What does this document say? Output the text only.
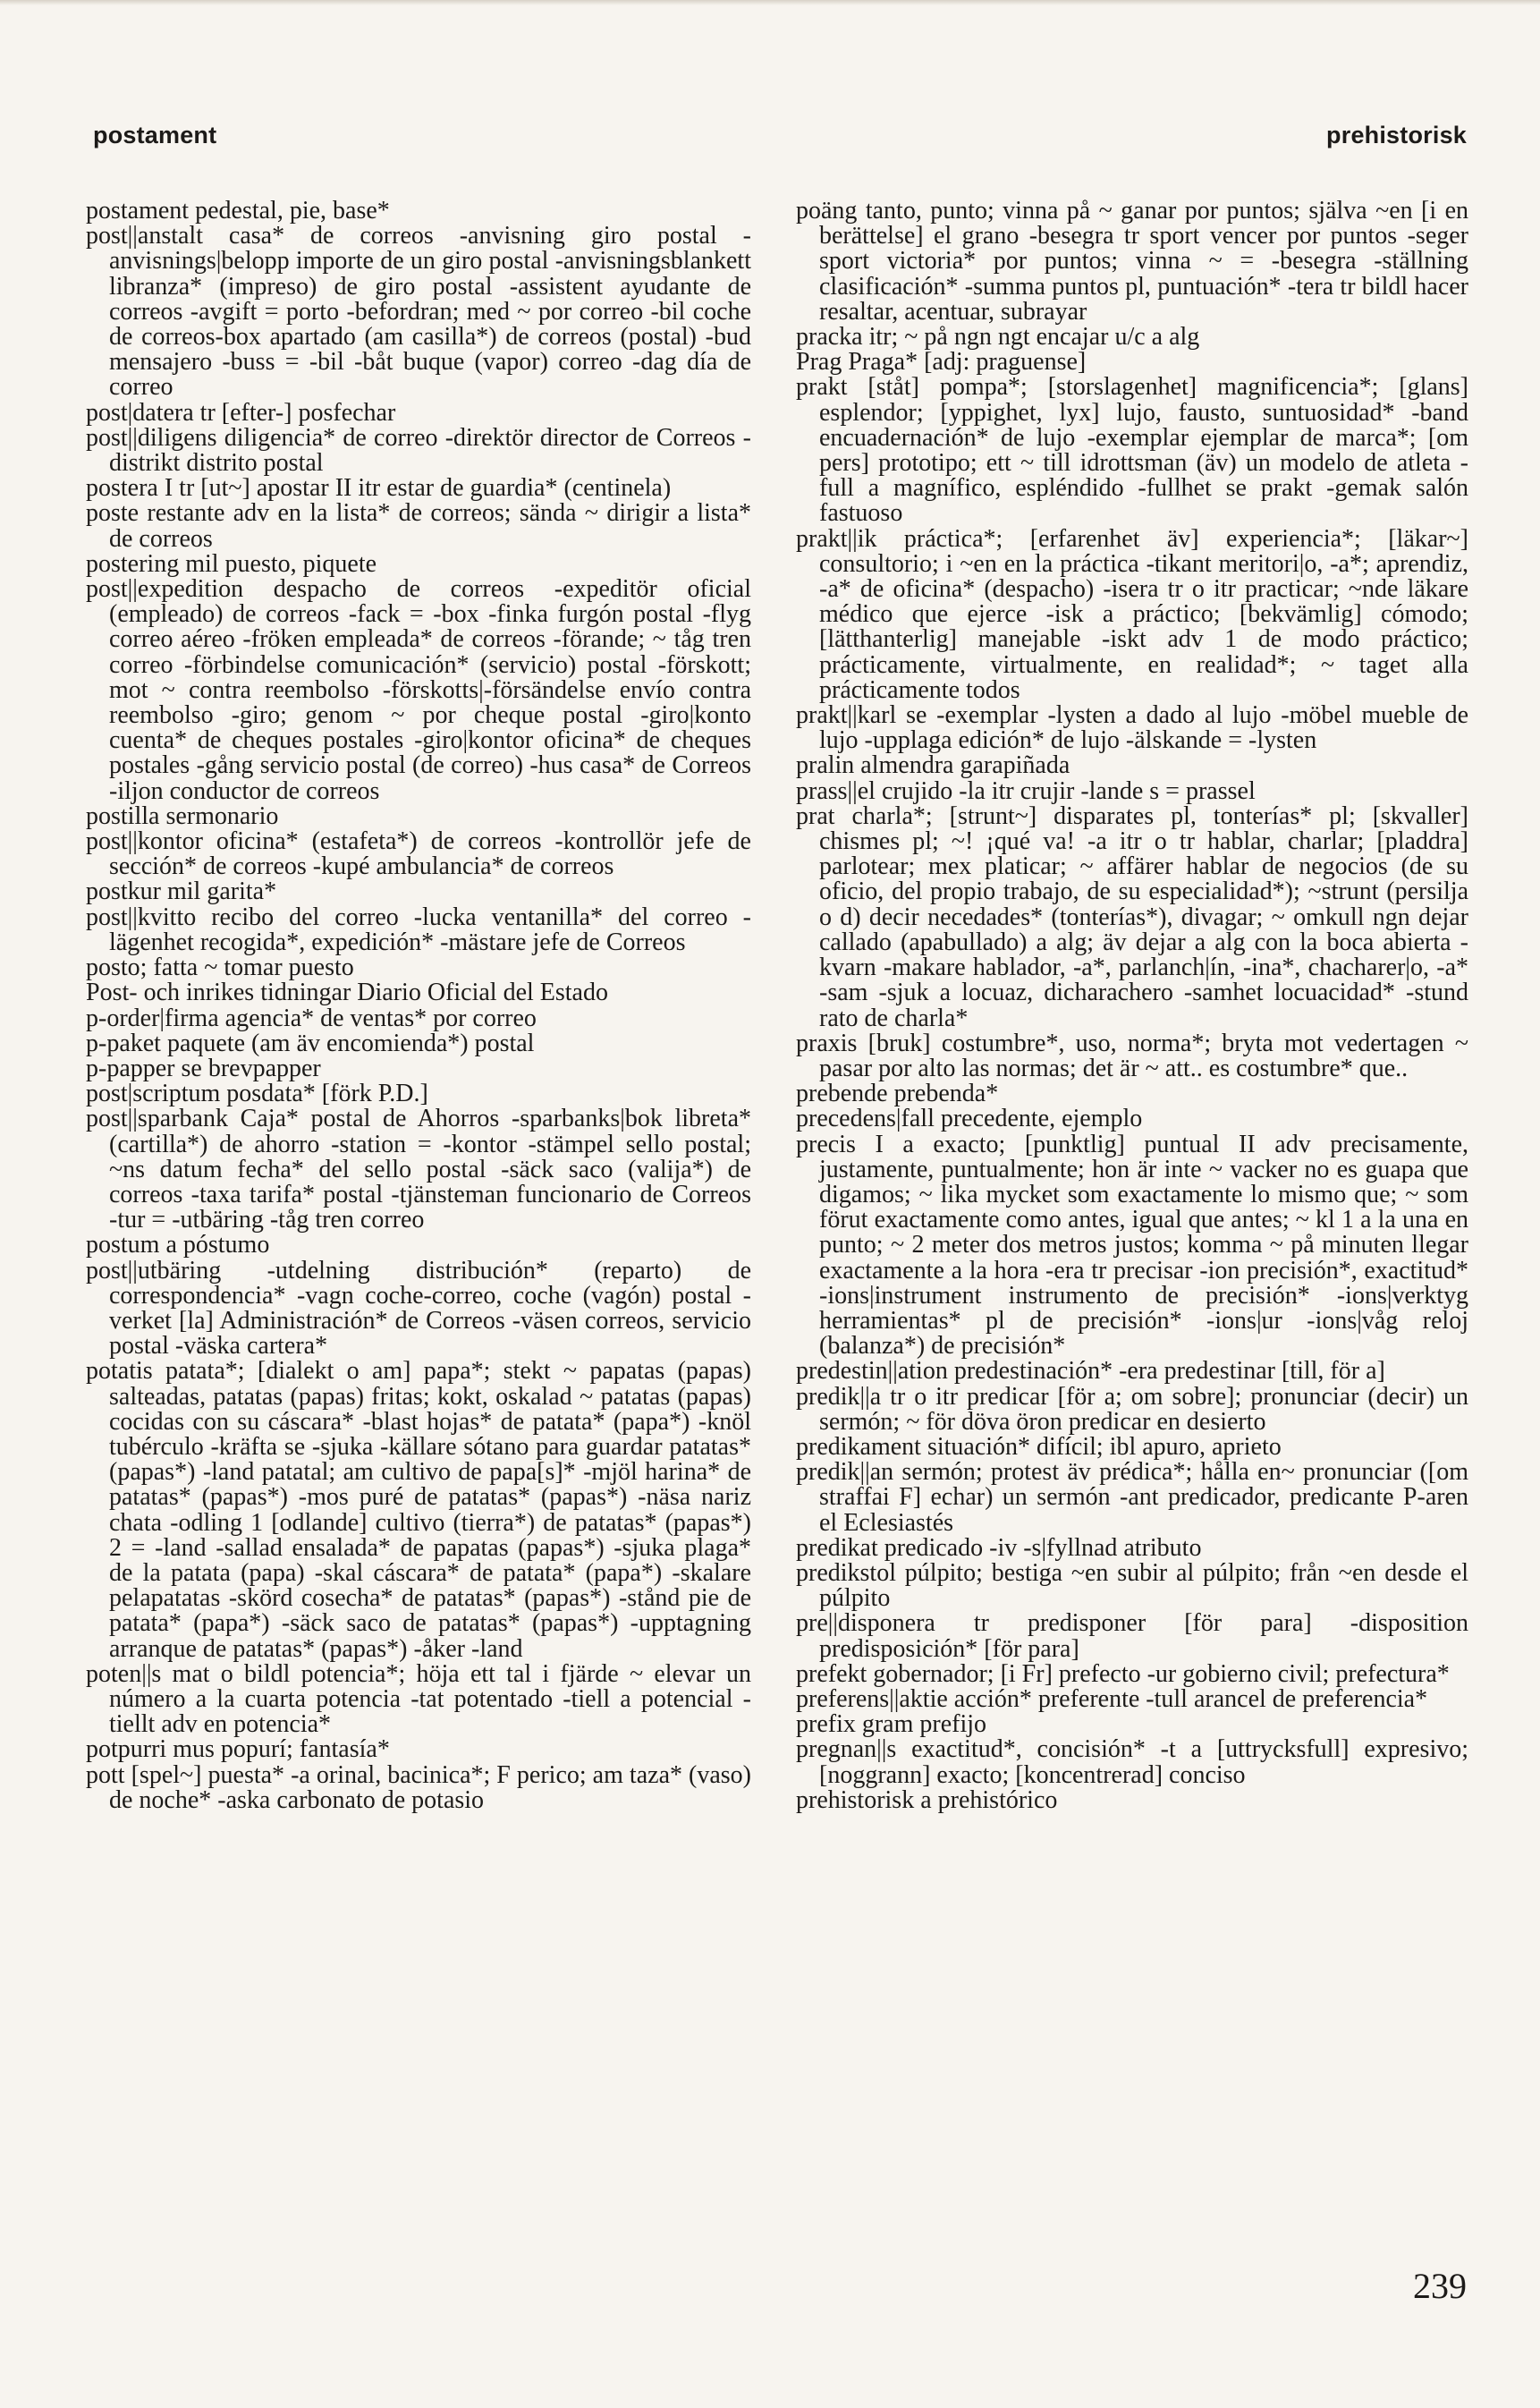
postament	prehistorisk

postament pedestal, pie, base*

post||anstalt casa* de correos -anvisning giro postal -anvisnings|belopp importe de un giro postal -anvisningsblankett libranza* (impreso) de giro postal -assistent ayudante de correos -avgift = porto -befordran; med ~ por correo -bil coche de correos-box apartado (am casilla*) de correos (postal) -bud mensajero -buss = -bil -båt buque (vapor) correo -dag día de correo

post|datera tr [efter-] posfechar

post||diligens diligencia* de correo -direktör director de Correos -distrikt distrito postal

postera I tr [ut~] apostar II itr estar de guardia* (centinela)

poste restante adv en la lista* de correos; sända ~ dirigir a lista* de correos

postering mil puesto, piquete

post||expedition despacho de correos -expeditör oficial (empleado) de correos -fack = -box -finka furgón postal -flyg correo aéreo -fröken empleada* de correos -förande; ~ tåg tren correo -förbindelse comunicación* (servicio) postal -förskott; mot ~ contra reembolso -förskotts|-försändelse envío contra reembolso -giro; genom ~ por cheque postal -giro|konto cuenta* de cheques postales -giro|kontor oficina* de cheques postales -gång servicio postal (de correo) -hus casa* de Correos -iljon conductor de correos

postilla sermonario

post||kontor oficina* (estafeta*) de correos -kontrollör jefe de sección* de correos -kupé ambulancia* de correos

postkur mil garita*

post||kvitto recibo del correo -lucka ventanilla* del correo -lägenhet recogida*, expedición* -mästare jefe de Correos

posto; fatta ~ tomar puesto

Post- och inrikes tidningar Diario Oficial del Estado

p-order|firma agencia* de ventas* por correo

p-paket paquete (am äv encomienda*) postal

p-papper se brevpapper

post|scriptum posdata* [förk P.D.]

post||sparbank Caja* postal de Ahorros -sparbanks|bok libreta* (cartilla*) de ahorro -station = -kontor -stämpel sello postal; ~ns datum fecha* del sello postal -säck saco (valija*) de correos -taxa tarifa* postal -tjänsteman funcionario de Correos -tur = -utbäring -tåg tren correo

postum a póstumo

post||utbäring -utdelning distribución* (reparto) de correspondencia* -vagn coche-correo, coche (vagón) postal -verket [la] Administración* de Correos -väsen correos, servicio postal -väska cartera*

potatis patata*; [dialekt o am] papa*; stekt ~ papatas (papas) salteadas, patatas (papas) fritas; kokt, oskalad ~ patatas (papas) cocidas con su cáscara* -blast hojas* de patata* (papa*) -knöl tubérculo -kräfta se -sjuka -källare sótano para guardar patatas*(papas*) -land patatal; am cultivo de papa[s]* -mjöl harina* de patatas* (papas*) -mos puré de patatas* (papas*) -näsa nariz chata -odling 1 [odlande] cultivo (tierra*) de patatas* (papas*) 2 = -land -sallad ensalada* de papatas (papas*) -sjuka plaga* de la patata (papa) -skal cáscara* de patata* (papa*) -skalare pelapatatas -skörd cosecha* de patatas* (papas*) -stånd pie de patata* (papa*) -säck saco de patatas* (papas*) -upptagning arranque de patatas* (papas*) -åker -land

poten||s mat o bildl potencia*; höja ett tal i fjärde ~ elevar un número a la cuarta potencia -tat potentado -tiell a potencial -tiellt adv en potencia*

potpurri mus popurí; fantasía*

pott [spel~] puesta* -a orinal, bacinica*; F perico; am taza* (vaso) de noche* -aska carbonato de potasio

poäng tanto, punto; vinna på ~ ganar por puntos; själva ~en [i en berättelse] el grano -besegra tr sport vencer por puntos -seger sport victoria* por puntos; vinna ~ = -besegra -ställning clasificación* -summa puntos pl, puntuación* -tera tr bildl hacer resaltar, acentuar, subrayar

pracka itr; ~ på ngn ngt encajar u/c a alg

Prag Praga* [adj: praguense]

prakt [ståt] pompa*; [storslagenhet] magnificencia*; [glans] esplendor; [yppighet, lyx] lujo, fausto, suntuosidad* -band encuadernación* de lujo -exemplar ejemplar de marca*; [om pers] prototipo; ett ~ till idrottsman (äv) un modelo de atleta -full a magnífico, espléndido -fullhet se prakt -gemak salón fastuoso

prakt||ik práctica*; [erfarenhet äv] experiencia*; [läkar~] consultorio; i ~en en la práctica -tikant meritori|o, -a*; aprendiz, -a* de oficina* (despacho) -isera tr o itr practicar; ~nde läkare médico que ejerce -isk a práctico; [bekvämlig] cómodo; [lätthanterlig] manejable -iskt adv 1 de modo práctico; prácticamente, virtualmente, en realidad*; ~ taget alla prácticamente todos

prakt||karl se -exemplar -lysten a dado al lujo -möbel mueble de lujo -upplaga edición* de lujo -älskande = -lysten

pralin almendra garapiñada

prass||el crujido -la itr crujir -lande s = prassel

prat charla*; [strunt~] disparates pl, tonterías* pl; [skvaller] chismes pl; ~! ¡qué va! -a itr o tr hablar, charlar; [pladdra] parlotear; mex platicar; ~ affärer hablar de negocios (de su oficio, del propio trabajo, de su especialidad*); ~strunt (persilja o d) decir necedades* (tonterías*), divagar; ~ omkull ngn dejar callado (apabullado) a alg; äv dejar a alg con la boca abierta -kvarn -makare hablador, -a*, parlanch|ín, -ina*, chacharer|o, -a* -sam -sjuk a locuaz, dicharachero -samhet locuacidad* -stund rato de charla*

praxis [bruk] costumbre*, uso, norma*; bryta mot vedertagen ~ pasar por alto las normas; det är ~ att.. es costumbre* que..

prebende prebenda*

precedens|fall precedente, ejemplo

precis I a exacto; [punktlig] puntual II adv precisamente, justamente, puntualmente; hon är inte ~ vacker no es guapa que digamos; ~ lika mycket som exactamente lo mismo que; ~ som förut exactamente como antes, igual que antes; ~ kl 1 a la una en punto; ~ 2 meter dos metros justos; komma ~ på minuten llegar exactamente a la hora -era tr precisar -ion precisión*, exactitud* -ions|instrument instrumento de precisión* -ions|verktyg herramientas* pl de precisión* -ions|ur -ions|våg reloj (balanza*) de precisión*

predestin||ation predestinación* -era predestinar [till, för a]

predik||a tr o itr predicar [för a; om sobre]; pronunciar (decir) un sermón; ~ för döva öron predicar en desierto

predikament situación* difícil; ibl apuro, aprieto

predik||an sermón; protest äv prédica*; hålla en~ pronunciar ([om straffai F] echar) un sermón -ant predicador, predicante P-aren el Eclesiastés

predikat predicado -iv -s|fyllnad atributo

predikstol púlpito; bestiga ~en subir al púlpito; från ~en desde el púlpito

pre||disponera tr predisponer [för para] -disposition predisposición* [för para]

prefekt gobernador; [i Fr] prefecto -ur gobierno civil; prefectura*

preferens||aktie acción* preferente -tull arancel de preferencia*

prefix gram prefijo

pregnan||s exactitud*, concisión* -t a [uttrycksfull] expresivo; [noggrann] exacto; [koncentrerad] conciso

prehistorisk a prehistórico

239
